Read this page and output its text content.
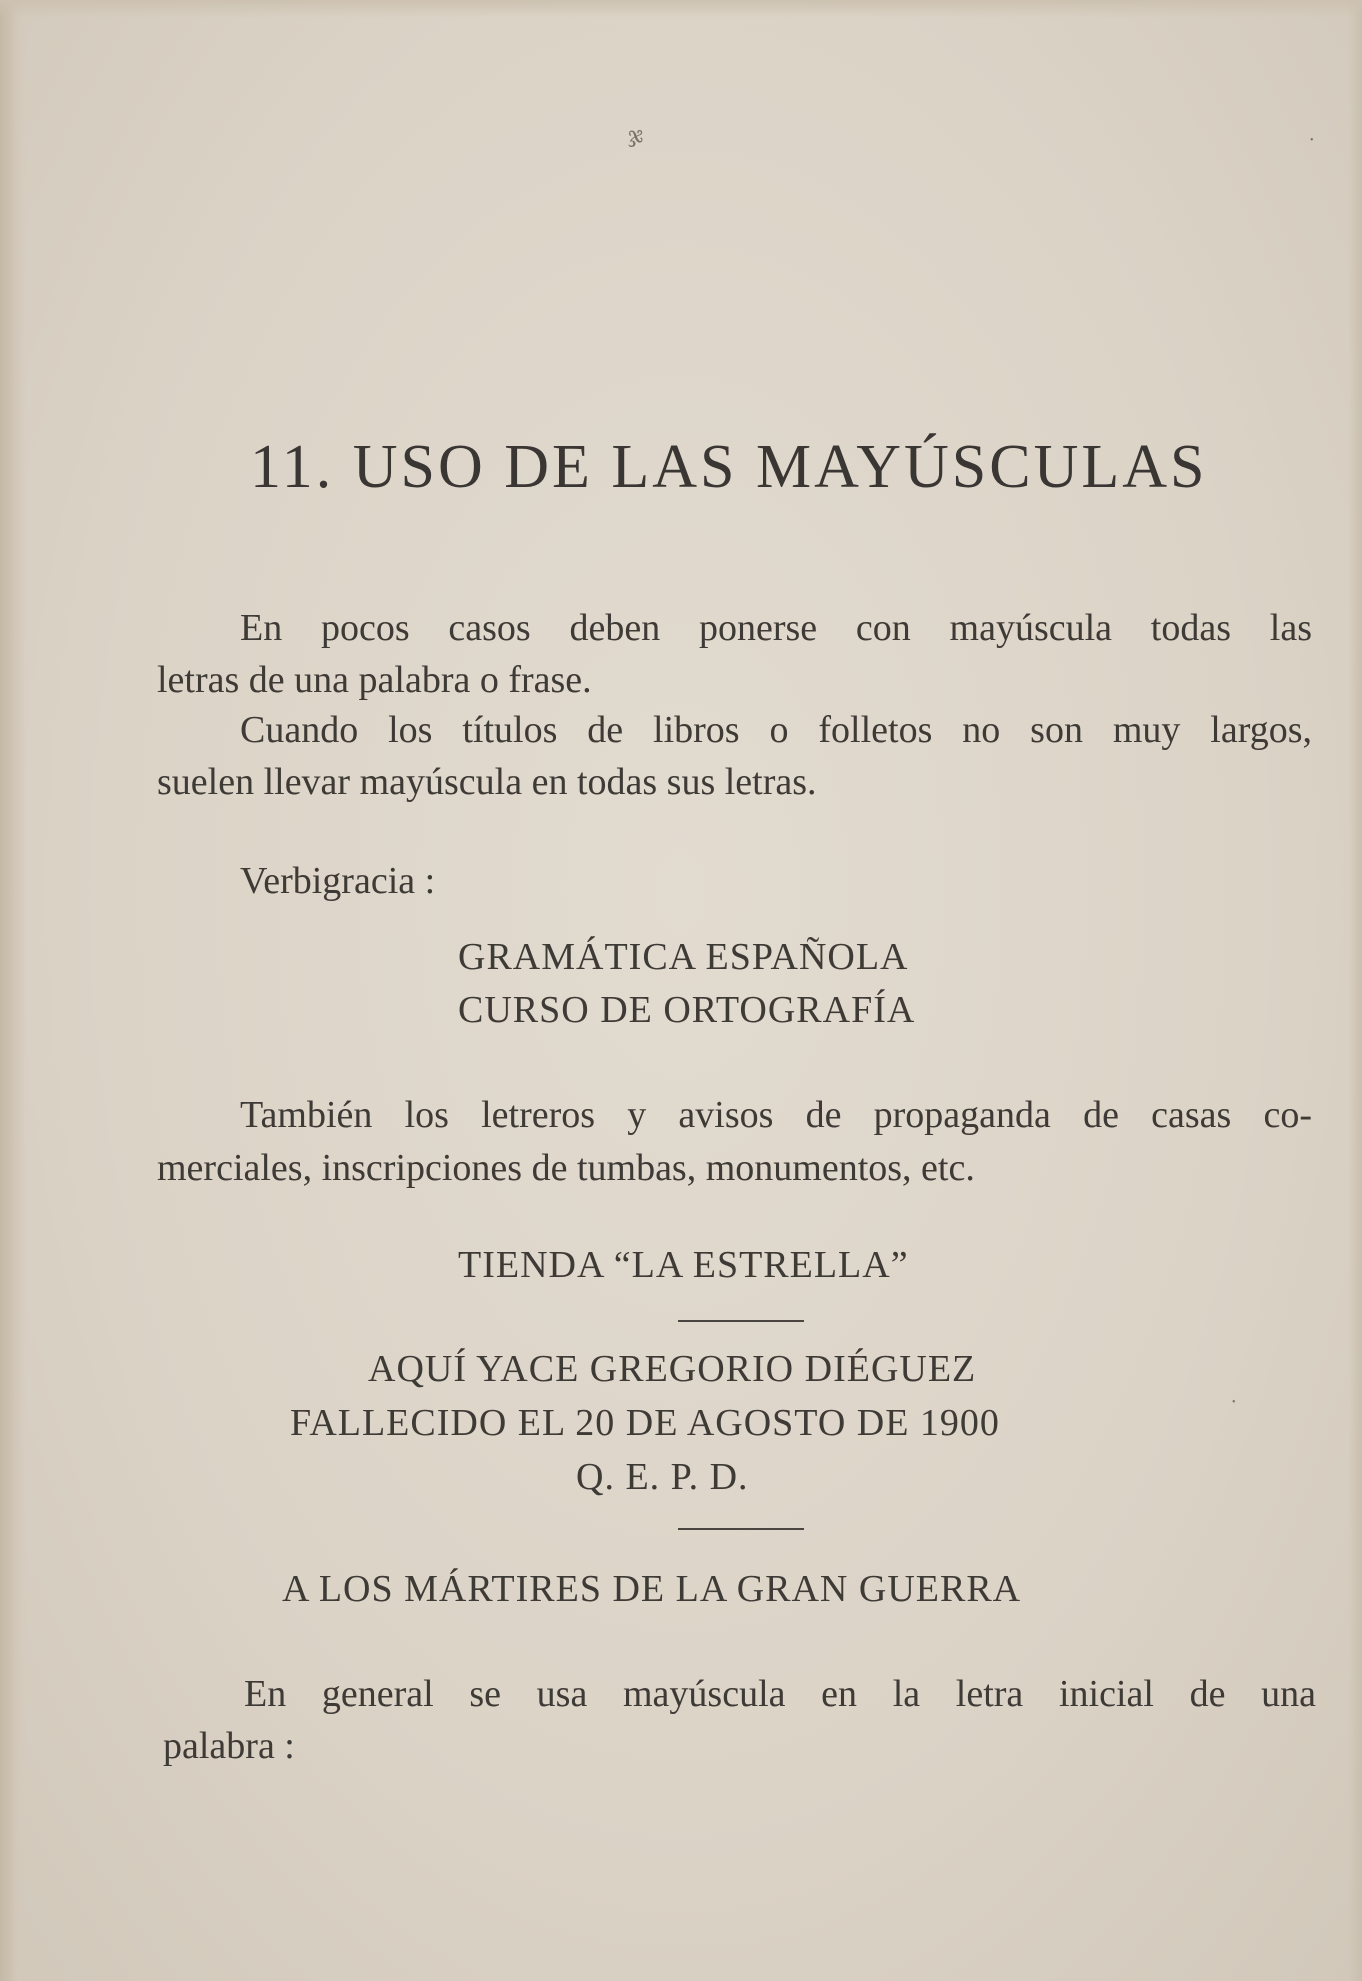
ჯ	•
•
11. USO DE LAS MAYÚSCULAS
En pocos casos deben ponerse con mayúscula todas las
letras de una palabra o frase.
Cuando los títulos de libros o folletos no son muy largos,
suelen llevar mayúscula en todas sus letras.
Verbigracia :
GRAMÁTICA ESPAÑOLA
CURSO DE ORTOGRAFÍA
También los letreros y avisos de propaganda de casas co-
merciales, inscripciones de tumbas, monumentos, etc.
TIENDA “LA ESTRELLA”
AQUÍ YACE GREGORIO DIÉGUEZ
FALLECIDO EL 20 DE AGOSTO DE 1900
Q. E. P. D.
A LOS MÁRTIRES DE LA GRAN GUERRA
En general se usa mayúscula en la letra inicial de una
palabra :
